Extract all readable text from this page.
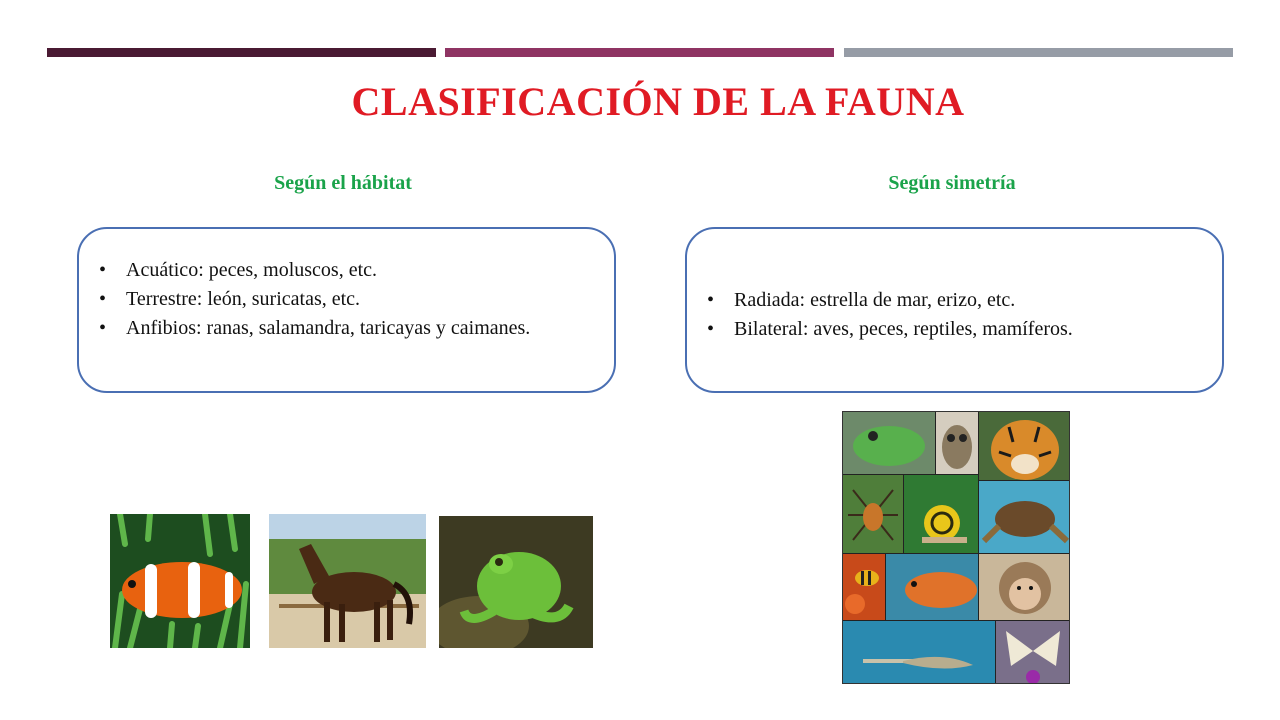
CLASIFICACIÓN DE LA FAUNA
Según el hábitat	Según simetría
• Acuático: peces, moluscos, etc.
• Terrestre: león, suricatas, etc.
• Anfibios: ranas, salamandra, taricayas y caimanes.
• Radiada: estrella de mar, erizo, etc.
• Bilateral: aves, peces, reptiles, mamíferos.
